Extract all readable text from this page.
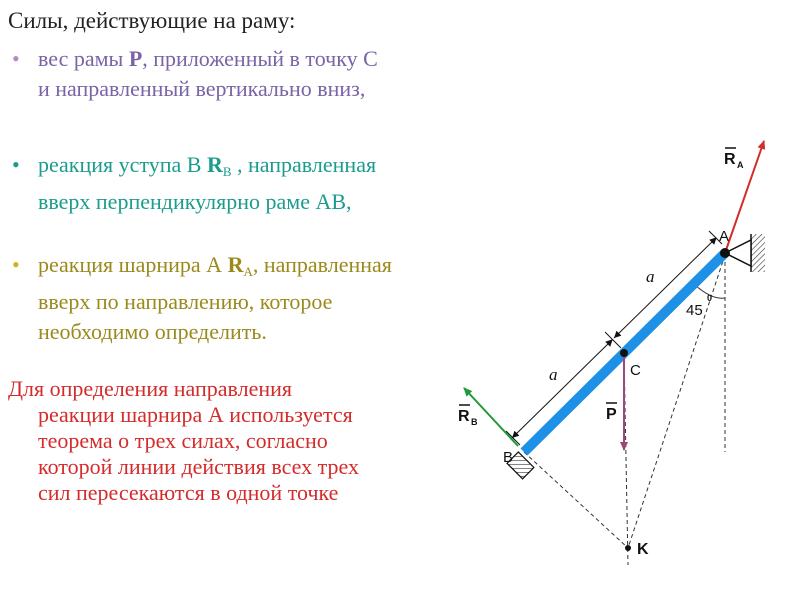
Силы, действующие на раму:
• вес рамы P, приложенный в точку С и направленный вертикально вниз,
• реакция уступа В $R_B$ , направленная вверх перпендикулярно раме АВ,
• реакция шарнира А $R_A$, направленная вверх по направлению, которое необходимо определить.
Для определения направления
реакции шарнира А используется теорема о трех силах, согласно которой линии действия всех трех сил пересекаются в одной точке
A
B
C
K
a
a
45
0
R A
R B	P
